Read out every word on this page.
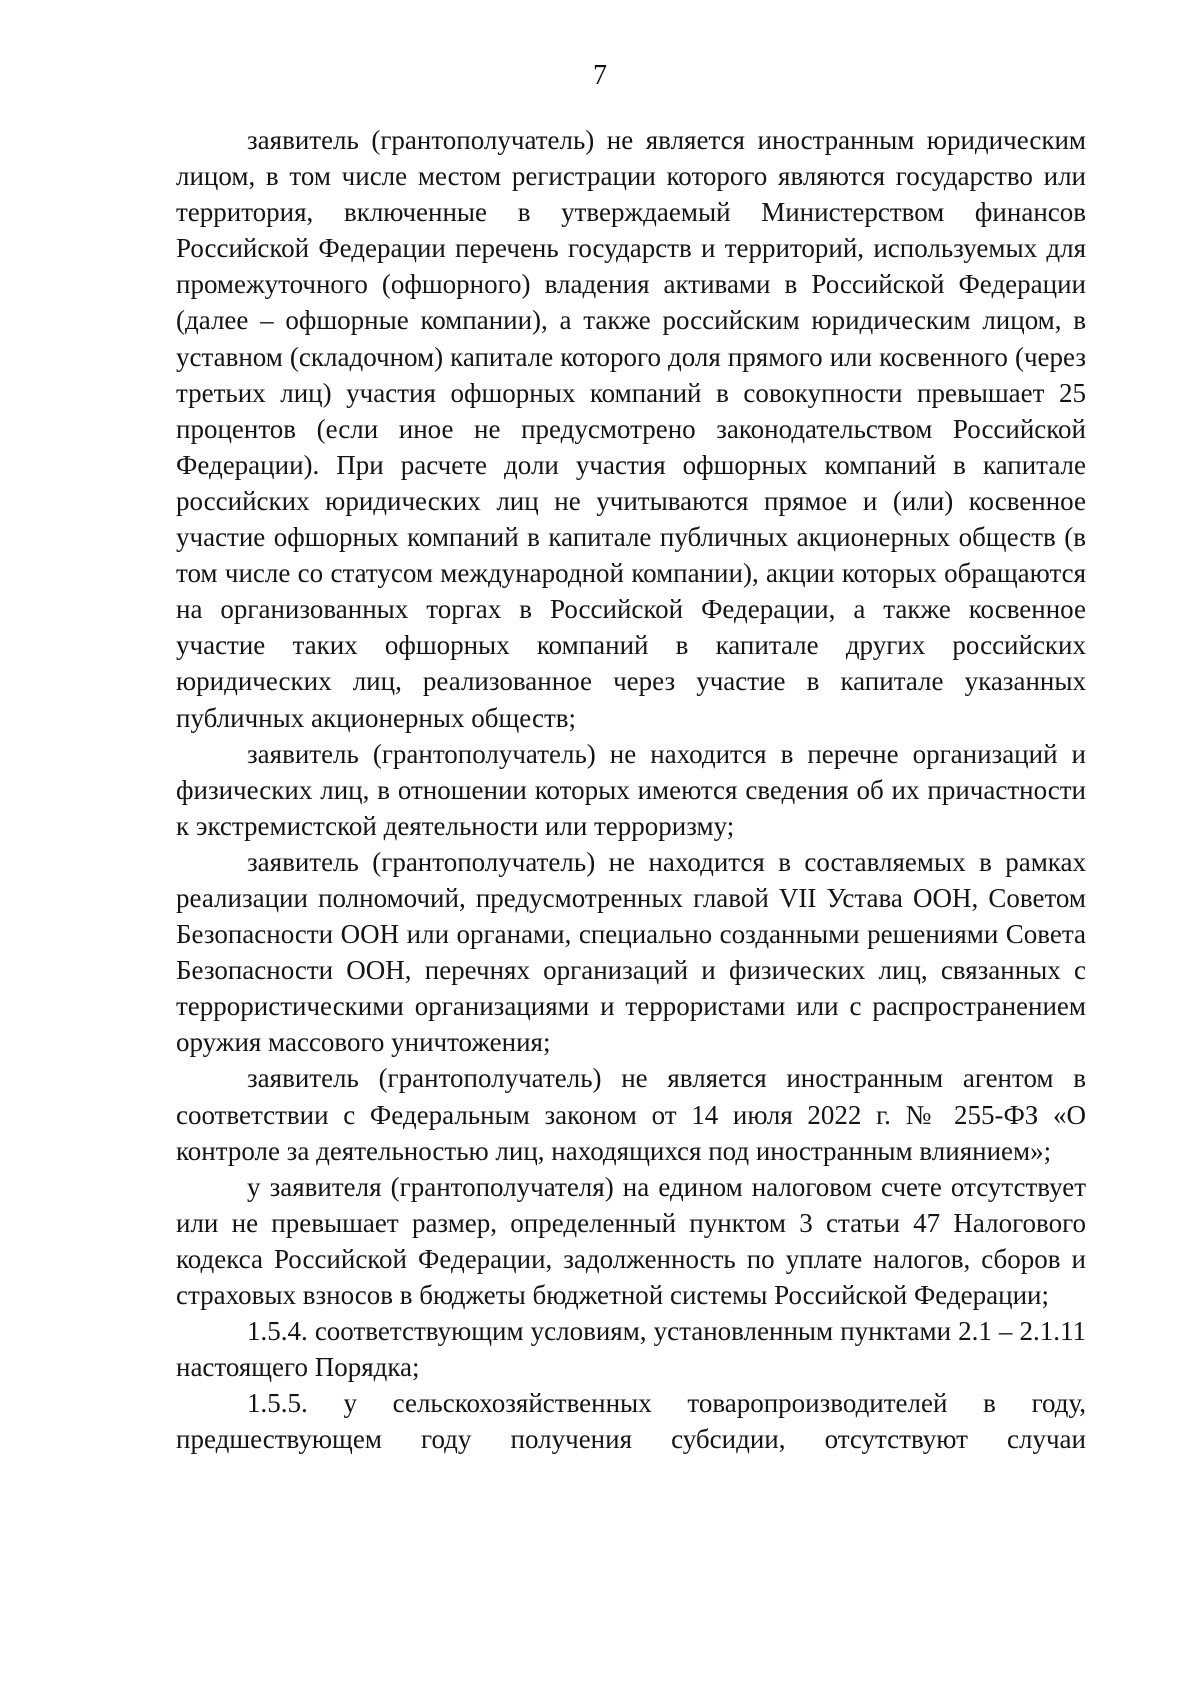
7

заявитель (грантополучатель) не является иностранным юридическим лицом, в том числе местом регистрации которого являются государство или территория, включенные в утверждаемый Министерством финансов Российской Федерации перечень государств и территорий, используемых для промежуточного (офшорного) владения активами в Российской Федерации (далее – офшорные компании), а также российским юридическим лицом, в уставном (складочном) капитале которого доля прямого или косвенного (через третьих лиц) участия офшорных компаний в совокупности превышает 25 процентов (если иное не предусмотрено законодательством Российской Федерации). При расчете доли участия офшорных компаний в капитале российских юридических лиц не учитываются прямое и (или) косвенное участие офшорных компаний в капитале публичных акционерных обществ (в том числе со статусом международной компании), акции которых обращаются на организованных торгах в Российской Федерации, а также косвенное участие таких офшорных компаний в капитале других российских юридических лиц, реализованное через участие в капитале указанных публичных акционерных обществ;

заявитель (грантополучатель) не находится в перечне организаций и физических лиц, в отношении которых имеются сведения об их причастности к экстремистской деятельности или терроризму;

заявитель (грантополучатель) не находится в составляемых в рамках реализации полномочий, предусмотренных главой VII Устава ООН, Советом Безопасности ООН или органами, специально созданными решениями Совета Безопасности ООН, перечнях организаций и физических лиц, связанных с террористическими организациями и террористами или с распространением оружия массового уничтожения;

заявитель (грантополучатель) не является иностранным агентом в соответствии с Федеральным законом от 14 июля 2022 г. № 255-ФЗ «О контроле за деятельностью лиц, находящихся под иностранным влиянием»;

у заявителя (грантополучателя) на едином налоговом счете отсутствует или не превышает размер, определенный пунктом 3 статьи 47 Налогового кодекса Российской Федерации, задолженность по уплате налогов, сборов и страховых взносов в бюджеты бюджетной системы Российской Федерации;

1.5.4. соответствующим условиям, установленным пунктами 2.1 – 2.1.11 настоящего Порядка;

1.5.5. у сельскохозяйственных товаропроизводителей в году, предшествующем году получения субсидии, отсутствуют случаи
